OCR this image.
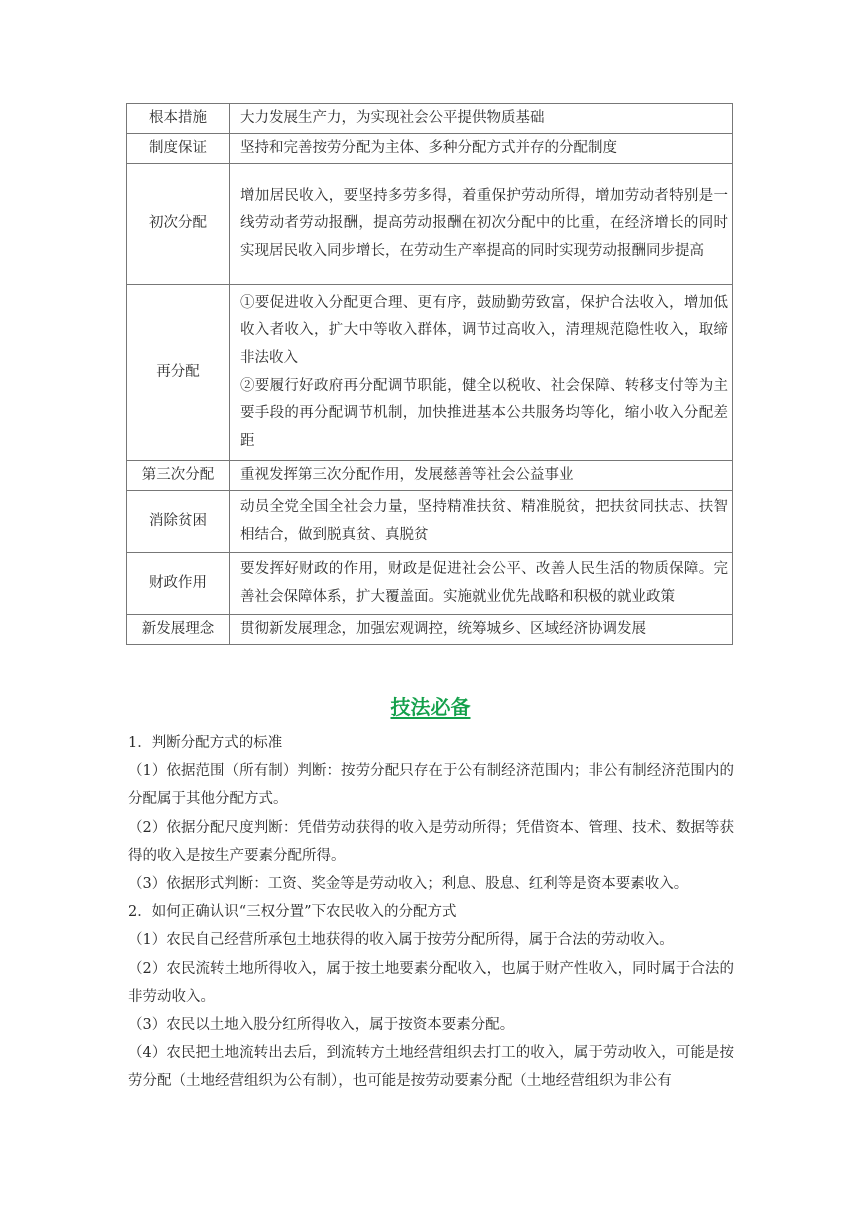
根本措施	大力发展生产力，为实现社会公平提供物质基础

制度保证	坚持和完善按劳分配为主体、多种分配方式并存的分配制度

初次分配	增加居民收入，要坚持多劳多得，着重保护劳动所得，增加劳动者特别是一线劳动者劳动报酬，提高劳动报酬在初次分配中的比重，在经济增长的同时实现居民收入同步增长，在劳动生产率提高的同时实现劳动报酬同步提高

再分配	①要促进收入分配更合理、更有序，鼓励勤劳致富，保护合法收入，增加低收入者收入，扩大中等收入群体，调节过高收入，清理规范隐性收入，取缔非法收入
②要履行好政府再分配调节职能，健全以税收、社会保障、转移支付等为主要手段的再分配调节机制，加快推进基本公共服务均等化，缩小收入分配差距

第三次分配	重视发挥第三次分配作用，发展慈善等社会公益事业

消除贫困	动员全党全国全社会力量，坚持精准扶贫、精准脱贫，把扶贫同扶志、扶智相结合，做到脱真贫、真脱贫

财政作用	要发挥好财政的作用，财政是促进社会公平、改善人民生活的物质保障。完善社会保障体系，扩大覆盖面。实施就业优先战略和积极的就业政策

新发展理念	贯彻新发展理念，加强宏观调控，统筹城乡、区域经济协调发展
技法必备

1．判断分配方式的标准

（1）依据范围（所有制）判断：按劳分配只存在于公有制经济范围内；非公有制经济范围内的分配属于其他分配方式。

（2）依据分配尺度判断：凭借劳动获得的收入是劳动所得；凭借资本、管理、技术、数据等获得的收入是按生产要素分配所得。

（3）依据形式判断：工资、奖金等是劳动收入；利息、股息、红利等是资本要素收入。

2．如何正确认识“三权分置”下农民收入的分配方式

（1）农民自己经营所承包土地获得的收入属于按劳分配所得，属于合法的劳动收入。

（2）农民流转土地所得收入，属于按土地要素分配收入，也属于财产性收入，同时属于合法的非劳动收入。

（3）农民以土地入股分红所得收入，属于按资本要素分配。

（4）农民把土地流转出去后，到流转方土地经营组织去打工的收入，属于劳动收入，可能是按劳分配（土地经营组织为公有制），也可能是按劳动要素分配（土地经营组织为非公有
